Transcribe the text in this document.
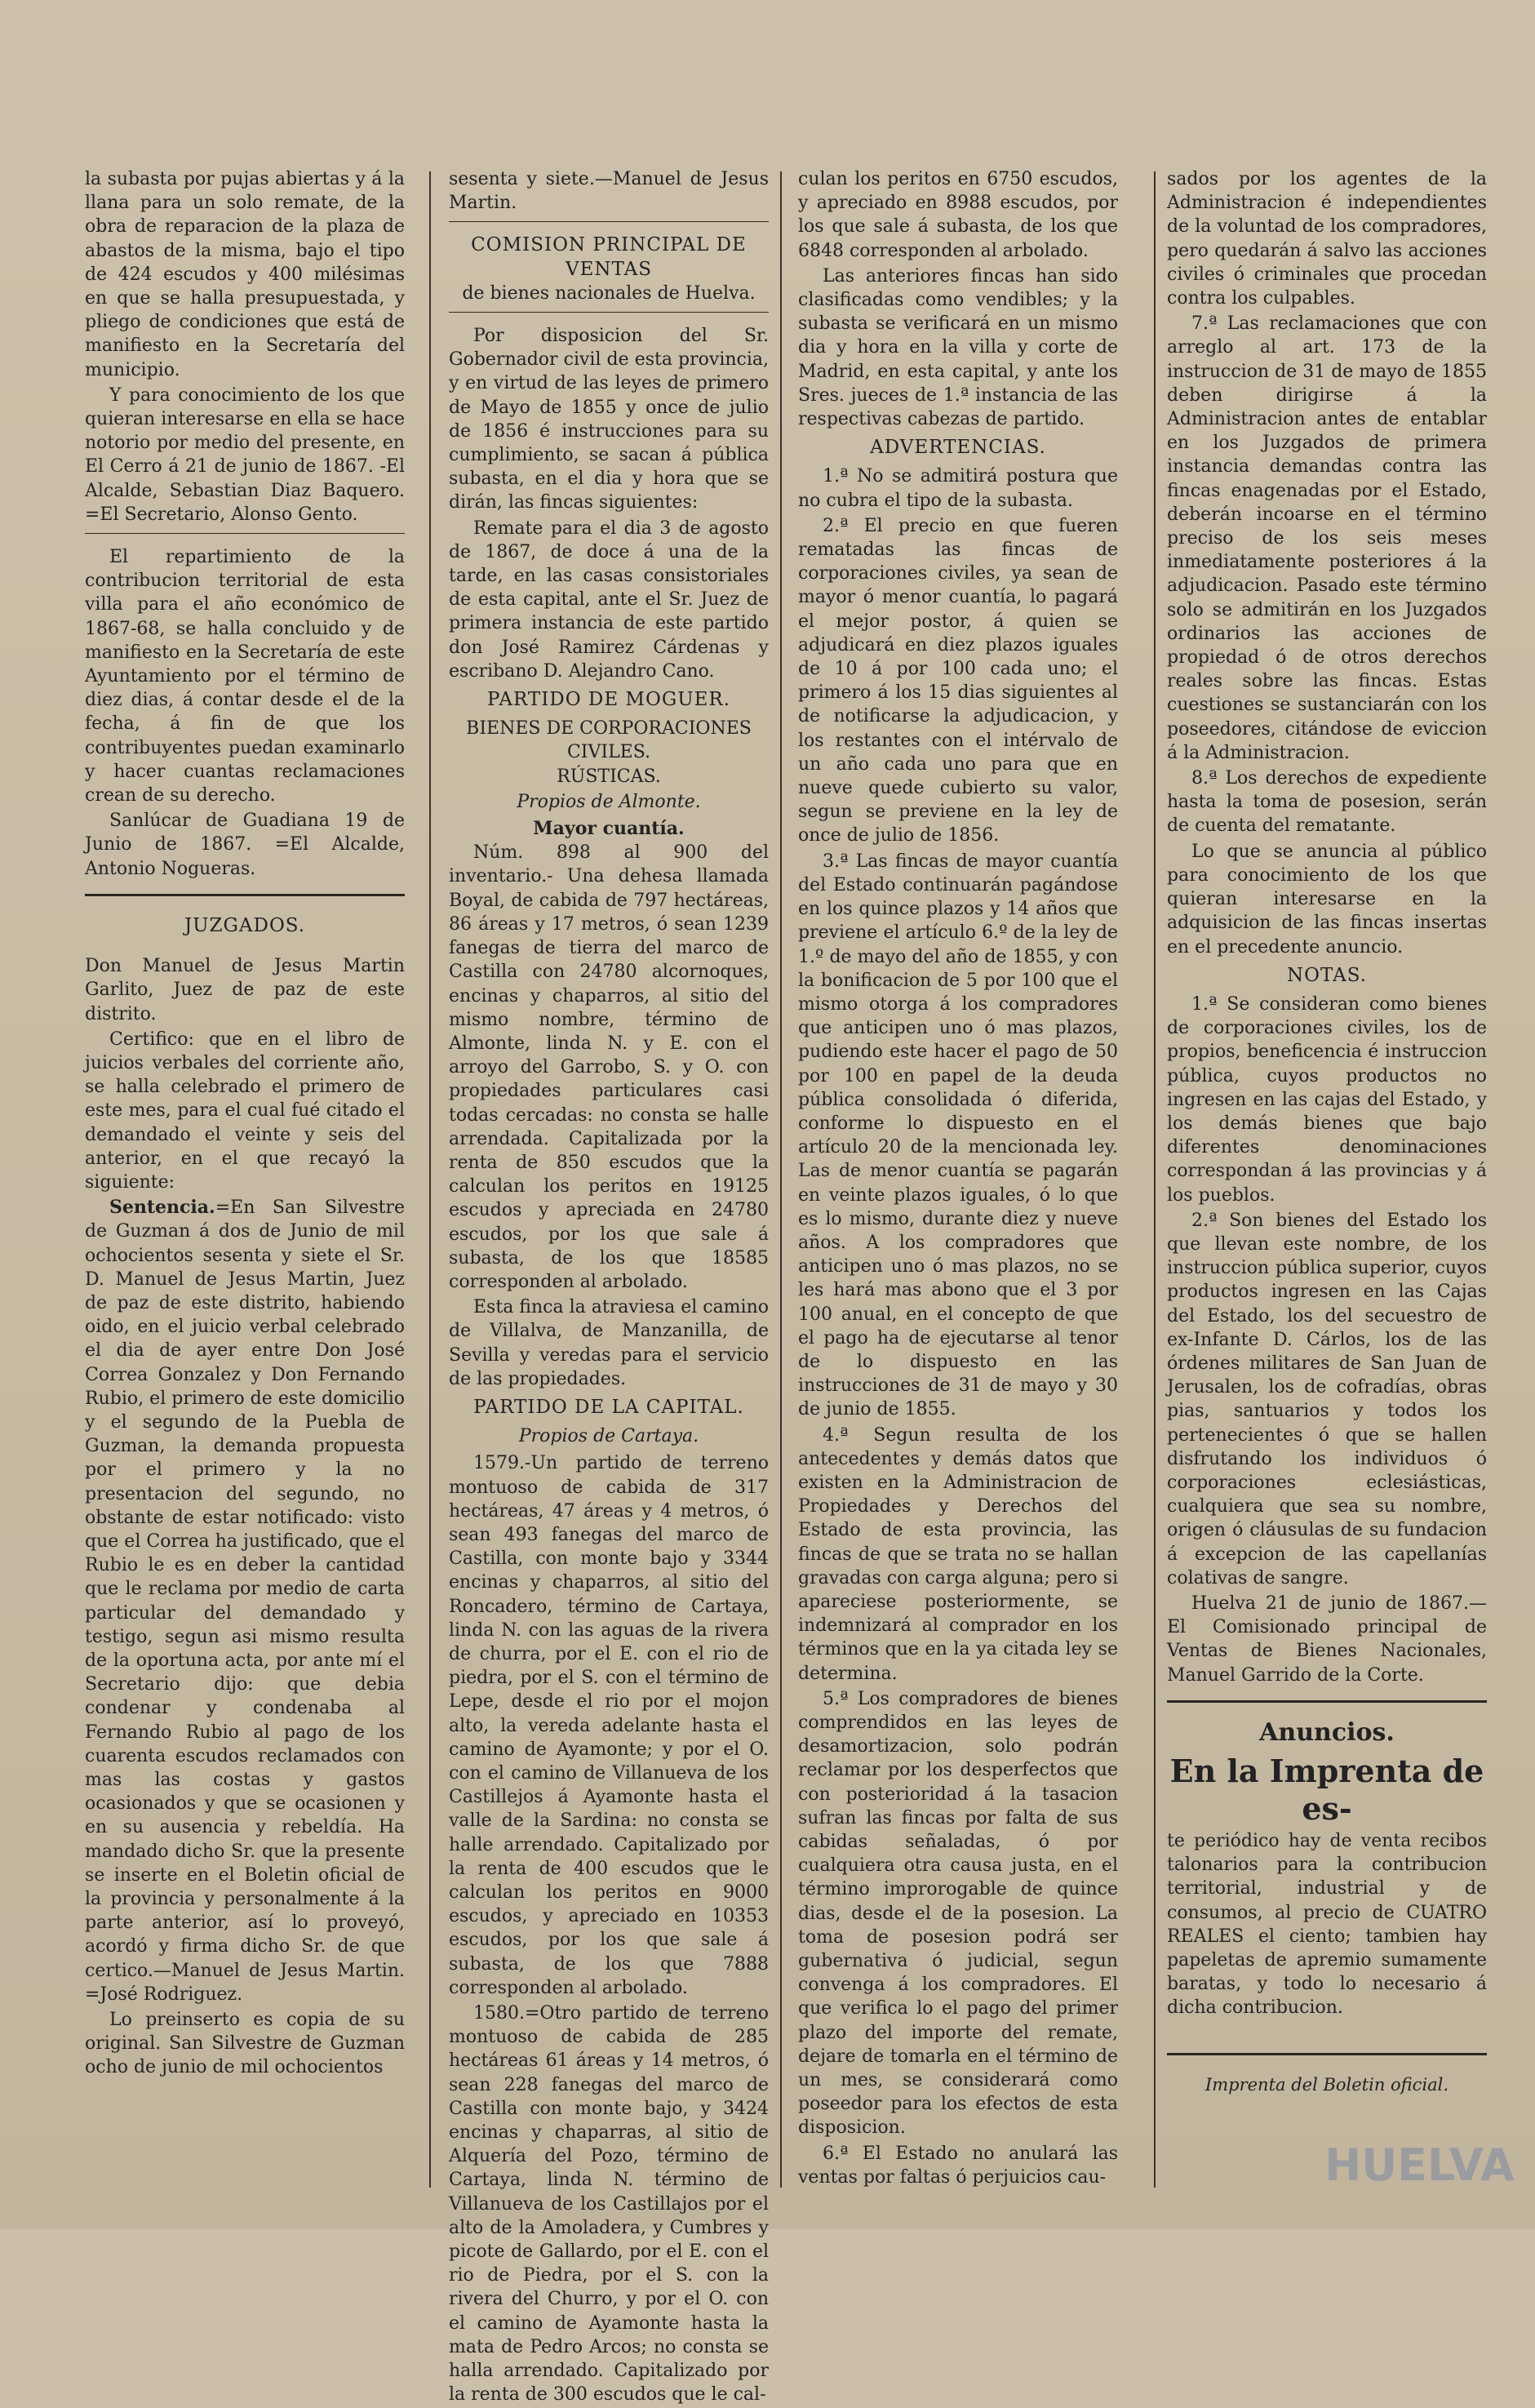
la subasta por pujas abiertas y á la llana para un solo remate, de la obra de reparacion de la plaza de abastos de la misma, bajo el tipo de 424 escudos y 400 milésimas en que se halla presupuestada, y pliego de condiciones que está de manifiesto en la Secretaría del municipio.

Y para conocimiento de los que quieran interesarse en ella se hace notorio por medio del presente, en El Cerro á 21 de junio de 1867. -El Alcalde, Sebastian Diaz Baquero. =El Secretario, Alonso Gento.

El repartimiento de la contribucion territorial de esta villa para el año económico de 1867-68, se halla concluido y de manifiesto en la Secretaría de este Ayuntamiento por el término de diez dias, á contar desde el de la fecha, á fin de que los contribuyentes puedan examinarlo y hacer cuantas reclamaciones crean de su derecho.

Sanlúcar de Guadiana 19 de Junio de 1867. =El Alcalde, Antonio Nogueras.

JUZGADOS.

Don Manuel de Jesus Martin Garlito, Juez de paz de este distrito.

Certifico: que en el libro de juicios verbales del corriente año, se halla celebrado el primero de este mes, para el cual fué citado el demandado el veinte y seis del anterior, en el que recayó la siguiente:

Sentencia.=En San Silvestre de Guzman á dos de Junio de mil ochocientos sesenta y siete el Sr. D. Manuel de Jesus Martin, Juez de paz de este distrito, habiendo oido, en el juicio verbal celebrado el dia de ayer entre Don José Correa Gonzalez y Don Fernando Rubio, el primero de este domicilio y el segundo de la Puebla de Guzman, la demanda propuesta por el primero y la no presentacion del segundo, no obstante de estar notificado: visto que el Correa ha justificado, que el Rubio le es en deber la cantidad que le reclama por medio de carta particular del demandado y testigo, segun asi mismo resulta de la oportuna acta, por ante mí el Secretario dijo: que debia condenar y condenaba al Fernando Rubio al pago de los cuarenta escudos reclamados con mas las costas y gastos ocasionados y que se ocasionen y en su ausencia y rebeldía. Ha mandado dicho Sr. que la presente se inserte en el Boletin oficial de la provincia y personalmente á la parte anterior, así lo proveyó, acordó y firma dicho Sr. de que certico.—Manuel de Jesus Martin. =José Rodriguez.

Lo preinserto es copia de su original. San Silvestre de Guzman ocho de junio de mil ochocientos

sesenta y siete.—Manuel de Jesus Martin.

COMISION PRINCIPAL DE VENTAS
de bienes nacionales de Huelva.

Por disposicion del Sr. Gobernador civil de esta provincia, y en virtud de las leyes de primero de Mayo de 1855 y once de julio de 1856 é instrucciones para su cumplimiento, se sacan á pública subasta, en el dia y hora que se dirán, las fincas siguientes:

Remate para el dia 3 de agosto de 1867, de doce á una de la tarde, en las casas consistoriales de esta capital, ante el Sr. Juez de primera instancia de este partido don José Ramirez Cárdenas y escribano D. Alejandro Cano.

PARTIDO DE MOGUER.
BIENES DE CORPORACIONES CIVILES.
RÚSTICAS.
Propios de Almonte.
Mayor cuantía.

Núm. 898 al 900 del inventario.- Una dehesa llamada Boyal, de cabida de 797 hectáreas, 86 áreas y 17 metros, ó sean 1239 fanegas de tierra del marco de Castilla con 24780 alcornoques, encinas y chaparros, al sitio del mismo nombre, término de Almonte, linda N. y E. con el arroyo del Garrobo, S. y O. con propiedades particulares casi todas cercadas: no consta se halle arrendada. Capitalizada por la renta de 850 escudos que la calculan los peritos en 19125 escudos y apreciada en 24780 escudos, por los que sale á subasta, de los que 18585 corresponden al arbolado.

Esta finca la atraviesa el camino de Villalva, de Manzanilla, de Sevilla y veredas para el servicio de las propiedades.

PARTIDO DE LA CAPITAL.
Propios de Cartaya.

1579.-Un partido de terreno montuoso de cabida de 317 hectáreas, 47 áreas y 4 metros, ó sean 493 fanegas del marco de Castilla, con monte bajo y 3344 encinas y chaparros, al sitio del Roncadero, término de Cartaya, linda N. con las aguas de la rivera de churra, por el E. con el rio de piedra, por el S. con el término de Lepe, desde el rio por el mojon alto, la vereda adelante hasta el camino de Ayamonte; y por el O. con el camino de Villanueva de los Castillejos á Ayamonte hasta el valle de la Sardina: no consta se halle arrendado. Capitalizado por la renta de 400 escudos que le calculan los peritos en 9000 escudos, y apreciado en 10353 escudos, por los que sale á subasta, de los que 7888 corresponden al arbolado.

1580.=Otro partido de terreno montuoso de cabida de 285 hectáreas 61 áreas y 14 metros, ó sean 228 fanegas del marco de Castilla con monte bajo, y 3424 encinas y chaparras, al sitio de Alquería del Pozo, término de Cartaya, linda N. término de Villanueva de los Castillajos por el alto de la Amoladera, y Cumbres y picote de Gallardo, por el E. con el rio de Piedra, por el S. con la rivera del Churro, y por el O. con el camino de Ayamonte hasta la mata de Pedro Arcos; no consta se halla arrendado. Capitalizado por la renta de 300 escudos que le cal-

culan los peritos en 6750 escudos, y apreciado en 8988 escudos, por los que sale á subasta, de los que 6848 corresponden al arbolado.

Las anteriores fincas han sido clasificadas como vendibles; y la subasta se verificará en un mismo dia y hora en la villa y corte de Madrid, en esta capital, y ante los Sres. jueces de 1.ª instancia de las respectivas cabezas de partido.

ADVERTENCIAS.

1.ª No se admitirá postura que no cubra el tipo de la subasta.

2.ª El precio en que fueren rematadas las fincas de corporaciones civiles, ya sean de mayor ó menor cuantía, lo pagará el mejor postor, á quien se adjudicará en diez plazos iguales de 10 á por 100 cada uno; el primero á los 15 dias siguientes al de notificarse la adjudicacion, y los restantes con el intérvalo de un año cada uno para que en nueve quede cubierto su valor, segun se previene en la ley de once de julio de 1856.

3.ª Las fincas de mayor cuantía del Estado continuarán pagándose en los quince plazos y 14 años que previene el artículo 6.º de la ley de 1.º de mayo del año de 1855, y con la bonificacion de 5 por 100 que el mismo otorga á los compradores que anticipen uno ó mas plazos, pudiendo este hacer el pago de 50 por 100 en papel de la deuda pública consolidada ó diferida, conforme lo dispuesto en el artículo 20 de la mencionada ley. Las de menor cuantía se pagarán en veinte plazos iguales, ó lo que es lo mismo, durante diez y nueve años. A los compradores que anticipen uno ó mas plazos, no se les hará mas abono que el 3 por 100 anual, en el concepto de que el pago ha de ejecutarse al tenor de lo dispuesto en las instrucciones de 31 de mayo y 30 de junio de 1855.

4.ª Segun resulta de los antecedentes y demás datos que existen en la Administracion de Propiedades y Derechos del Estado de esta provincia, las fincas de que se trata no se hallan gravadas con carga alguna; pero si apareciese posteriormente, se indemnizará al comprador en los términos que en la ya citada ley se determina.

5.ª Los compradores de bienes comprendidos en las leyes de desamortizacion, solo podrán reclamar por los desperfectos que con posterioridad á la tasacion sufran las fincas por falta de sus cabidas señaladas, ó por cualquiera otra causa justa, en el término improrogable de quince dias, desde el de la posesion. La toma de posesion podrá ser gubernativa ó judicial, segun convenga á los compradores. El que verifica lo el pago del primer plazo del importe del remate, dejare de tomarla en el término de un mes, se considerará como poseedor para los efectos de esta disposicion.

6.ª El Estado no anulará las ventas por faltas ó perjuicios cau-

sados por los agentes de la Administracion é independientes de la voluntad de los compradores, pero quedarán á salvo las acciones civiles ó criminales que procedan contra los culpables.

7.ª Las reclamaciones que con arreglo al art. 173 de la instruccion de 31 de mayo de 1855 deben dirigirse á la Administracion antes de entablar en los Juzgados de primera instancia demandas contra las fincas enagenadas por el Estado, deberán incoarse en el término preciso de los seis meses inmediatamente posteriores á la adjudicacion. Pasado este término solo se admitirán en los Juzgados ordinarios las acciones de propiedad ó de otros derechos reales sobre las fincas. Estas cuestiones se sustanciarán con los poseedores, citándose de eviccion á la Administracion.

8.ª Los derechos de expediente hasta la toma de posesion, serán de cuenta del rematante.

Lo que se anuncia al público para conocimiento de los que quieran interesarse en la adquisicion de las fincas insertas en el precedente anuncio.

NOTAS.

1.ª Se consideran como bienes de corporaciones civiles, los de propios, beneficencia é instruccion pública, cuyos productos no ingresen en las cajas del Estado, y los demás bienes que bajo diferentes denominaciones correspondan á las provincias y á los pueblos.

2.ª Son bienes del Estado los que llevan este nombre, de los instruccion pública superior, cuyos productos ingresen en las Cajas del Estado, los del secuestro de ex-Infante D. Cárlos, los de las órdenes militares de San Juan de Jerusalen, los de cofradías, obras pias, santuarios y todos los pertenecientes ó que se hallen disfrutando los individuos ó corporaciones eclesiásticas, cualquiera que sea su nombre, origen ó cláusulas de su fundacion á excepcion de las capellanías colativas de sangre.

Huelva 21 de junio de 1867.— El Comisionado principal de Ventas de Bienes Nacionales, Manuel Garrido de la Corte.

Anuncios.
En la Imprenta de es-

te periódico hay de venta recibos talonarios para la contribucion territorial, industrial y de consumos, al precio de CUATRO REALES el ciento; tambien hay papeletas de apremio sumamente baratas, y todo lo necesario á dicha contribucion.

Imprenta del Boletin oficial.
HUELVA
